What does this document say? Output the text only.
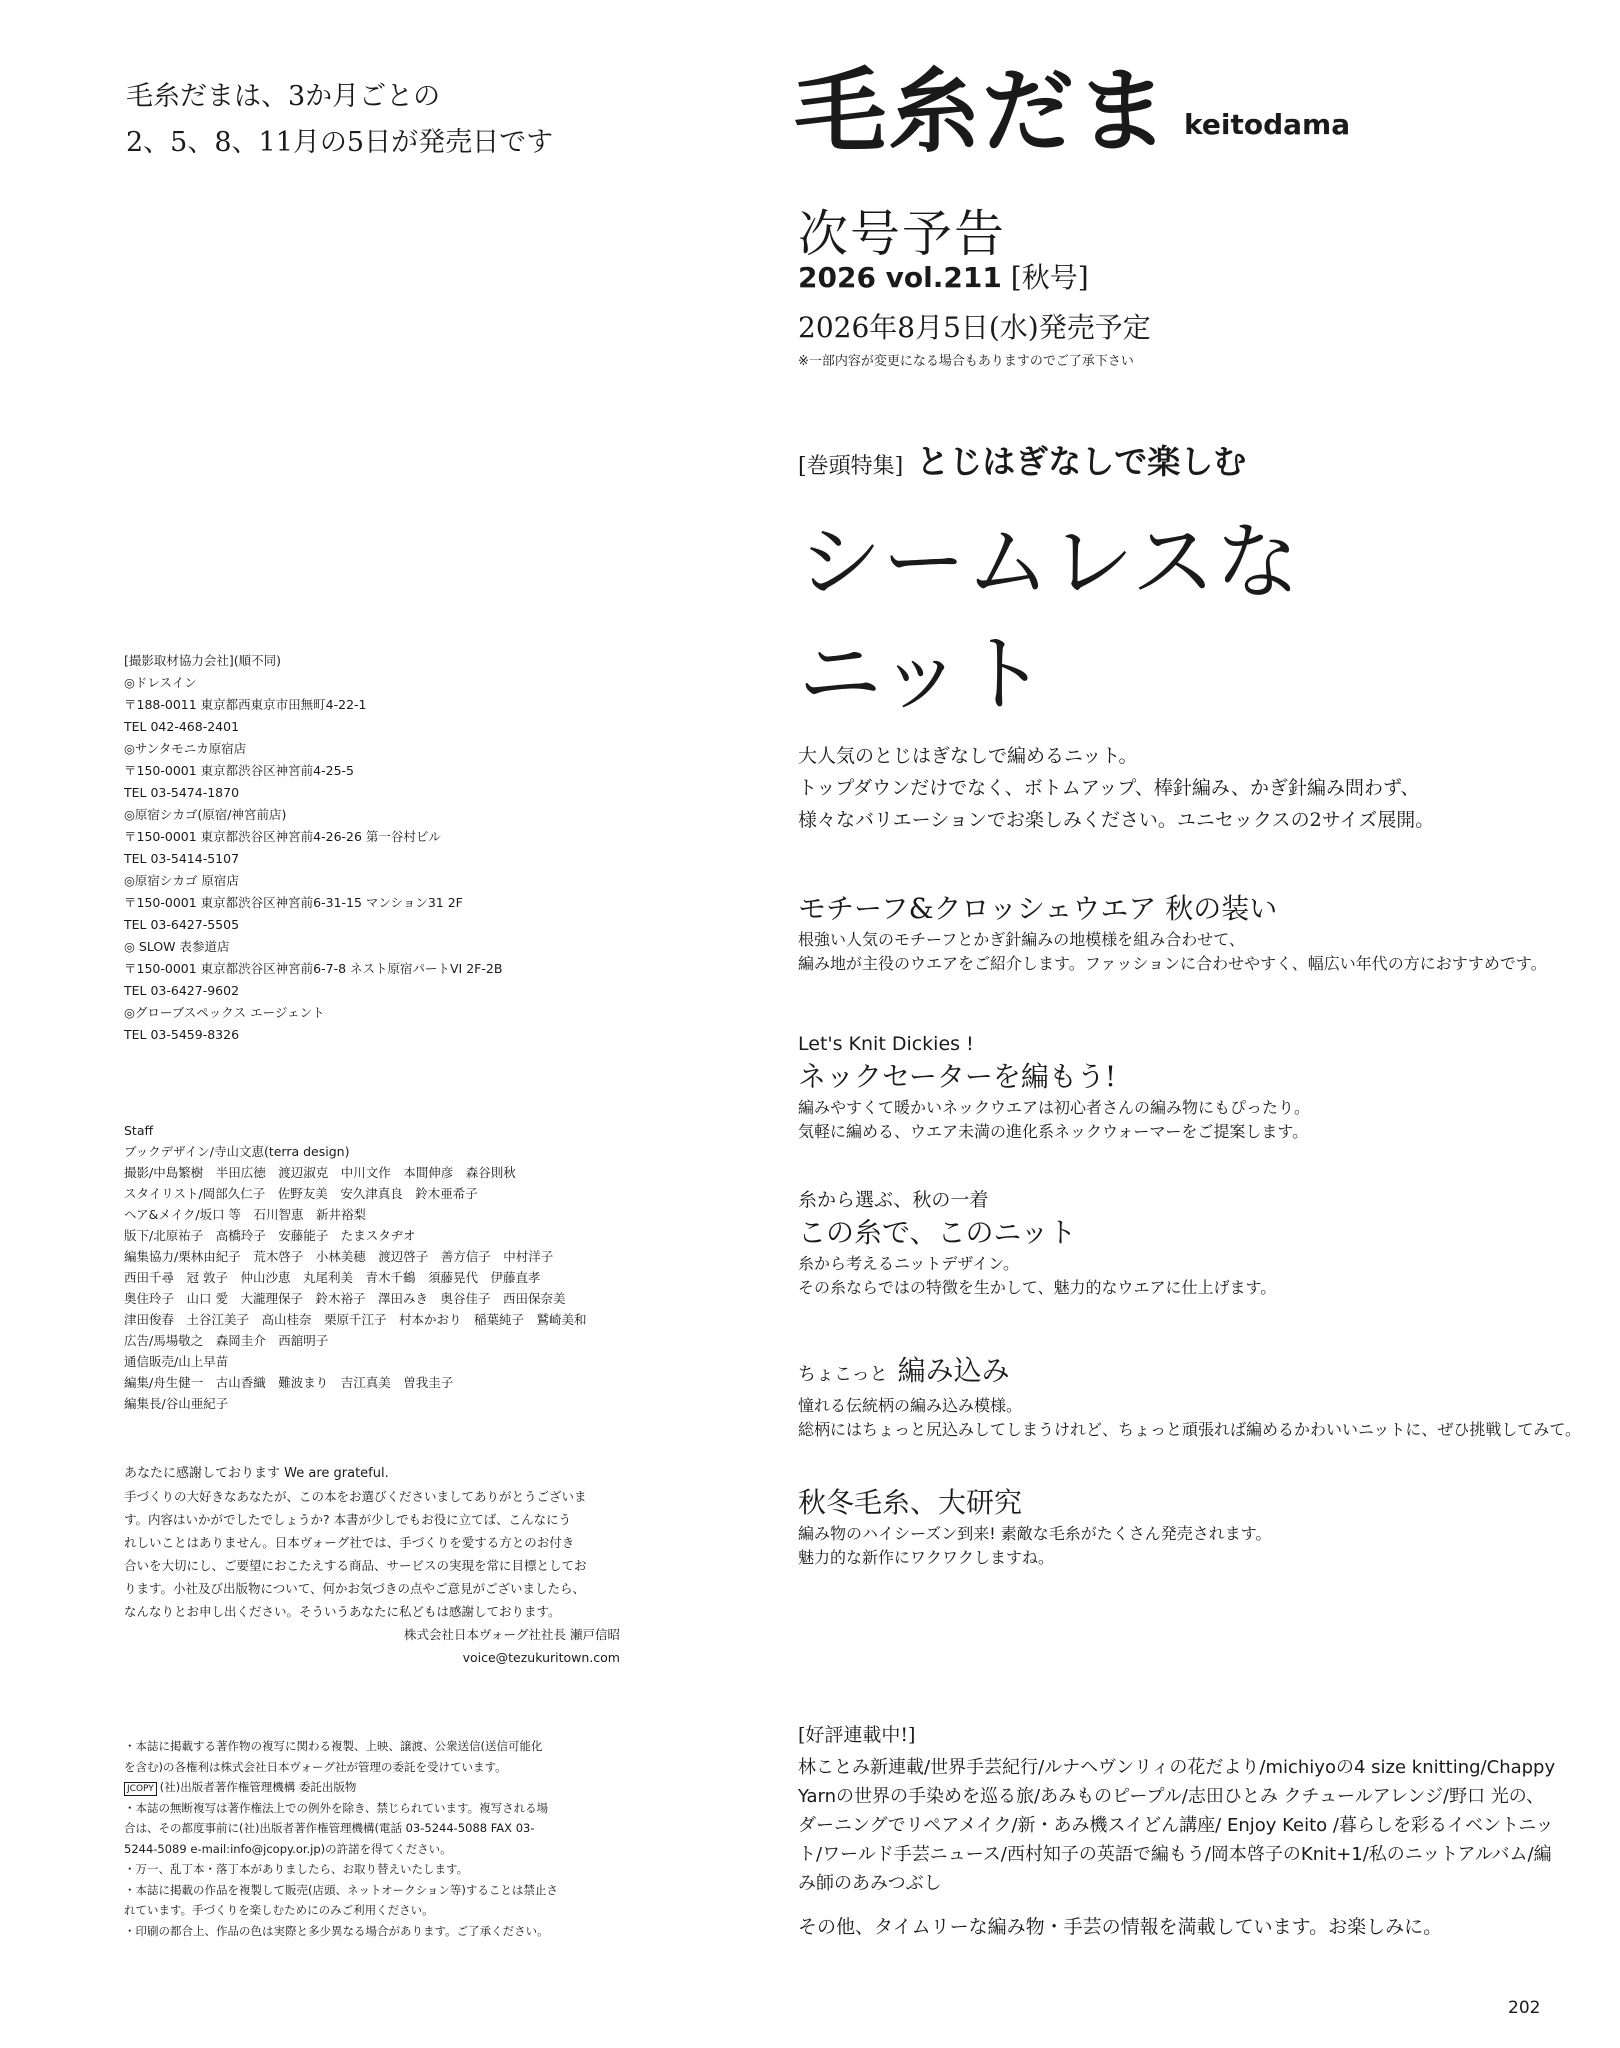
毛糸だまは、3か月ごとの
2、5、8、11月の5日が発売日です	毛糸だま keitodama
次号予告
2026 vol.211 [秋号]
2026年8月5日(水)発売予定
※一部内容が変更になる場合もありますのでご了承下さい
[巻頭特集] とじはぎなしで楽しむ
シームレスな
ニット
大人気のとじはぎなしで編めるニット。
トップダウンだけでなく、ボトムアップ、棒針編み、かぎ針編み問わず、
様々なバリエーションでお楽しみください。ユニセックスの2サイズ展開。
モチーフ&クロッシェウエア 秋の装い
根強い人気のモチーフとかぎ針編みの地模様を組み合わせて、
編み地が主役のウエアをご紹介します。ファッションに合わせやすく、幅広い年代の方におすすめです。
Let's Knit Dickies !
ネックセーターを編もう!
編みやすくて暖かいネックウエアは初心者さんの編み物にもぴったり。
気軽に編める、ウエア未満の進化系ネックウォーマーをご提案します。
糸から選ぶ、秋の一着
この糸で、このニット
糸から考えるニットデザイン。
その糸ならではの特徴を生かして、魅力的なウエアに仕上げます。
ちょこっと 編み込み
憧れる伝統柄の編み込み模様。
総柄にはちょっと尻込みしてしまうけれど、ちょっと頑張れば編めるかわいいニットに、ぜひ挑戦してみて。
秋冬毛糸、大研究
編み物のハイシーズン到来! 素敵な毛糸がたくさん発売されます。
魅力的な新作にワクワクしますね。
[好評連載中!]
林ことみ新連載/世界手芸紀行/ルナヘヴンリィの花だより/michiyoの4 size knitting/Chappy Yarnの世界の手染めを巡る旅/あみものピープル/志田ひとみ クチュールアレンジ/野口 光の、ダーニングでリペアメイク/新・あみ機スイどん講座/ Enjoy Keito /暮らしを彩るイベントニット/ワールド手芸ニュース/西村知子の英語で編もう/岡本啓子のKnit+1/私のニットアルバム/編み師のあみつぶし
その他、タイムリーな編み物・手芸の情報を満載しています。お楽しみに。
202
[撮影取材協力会社](順不同)
◎ドレスイン
〒188-0011 東京都西東京市田無町4-22-1
TEL 042-468-2401
◎サンタモニカ原宿店
〒150-0001 東京都渋谷区神宮前4-25-5
TEL 03-5474-1870
◎原宿シカゴ(原宿/神宮前店)
〒150-0001 東京都渋谷区神宮前4-26-26 第一谷村ビル
TEL 03-5414-5107
◎原宿シカゴ 原宿店
〒150-0001 東京都渋谷区神宮前6-31-15 マンション31 2F
TEL 03-6427-5505
◎ SLOW 表参道店
〒150-0001 東京都渋谷区神宮前6-7-8 ネスト原宿パートVI 2F-2B
TEL 03-6427-9602
◎グローブスペックス エージェント
TEL 03-5459-8326
Staff
ブックデザイン/寺山文恵(terra design)
撮影/中島繁樹　半田広徳　渡辺淑克　中川文作　本間伸彦　森谷則秋
スタイリスト/岡部久仁子　佐野友美　安久津真良　鈴木亜希子
ヘア&メイク/坂口 等　石川智恵　新井裕梨
版下/北原祐子　高橋玲子　安藤能子　たまスタヂオ
編集協力/栗林由紀子　荒木啓子　小林美穂　渡辺啓子　善方信子　中村洋子
西田千尋　冠 敦子　仲山沙恵　丸尾利美　青木千鶴　須藤晃代　伊藤直孝
奥住玲子　山口 愛　大瀧理保子　鈴木裕子　澤田みき　奥谷佳子　西田保奈美
津田俊春　土谷江美子　高山桂奈　栗原千江子　村本かおり　稲葉純子　鷲崎美和
広告/馬場敬之　森岡圭介　西舘明子
通信販売/山上早苗
編集/舟生健一　古山香織　難波まり　吉江真美　曽我圭子
編集長/谷山亜紀子
あなたに感謝しております We are grateful.
手づくりの大好きなあなたが、この本をお選びくださいましてありがとうございま
す。内容はいかがでしたでしょうか? 本書が少しでもお役に立てば、こんなにう
れしいことはありません。日本ヴォーグ社では、手づくりを愛する方とのお付き
合いを大切にし、ご要望におこたえする商品、サービスの実現を常に目標としてお
ります。小社及び出版物について、何かお気づきの点やご意見がございましたら、
なんなりとお申し出ください。そういうあなたに私どもは感謝しております。
株式会社日本ヴォーグ社社長 瀬戸信昭
voice@tezukuritown.com
・本誌に掲載する著作物の複写に関わる複製、上映、譲渡、公衆送信(送信可能化
を含む)の各権利は株式会社日本ヴォーグ社が管理の委託を受けています。
JCOPY (社)出版者著作権管理機構 委託出版物
・本誌の無断複写は著作権法上での例外を除き、禁じられています。複写される場
合は、その都度事前に(社)出版者著作権管理機構(電話 03-5244-5088 FAX 03-
5244-5089 e-mail:info@jcopy.or.jp)の許諾を得てください。
・万一、乱丁本・落丁本がありましたら、お取り替えいたします。
・本誌に掲載の作品を複製して販売(店頭、ネットオークション等)することは禁止さ
れています。手づくりを楽しむためにのみご利用ください。
・印刷の都合上、作品の色は実際と多少異なる場合があります。ご了承ください。
